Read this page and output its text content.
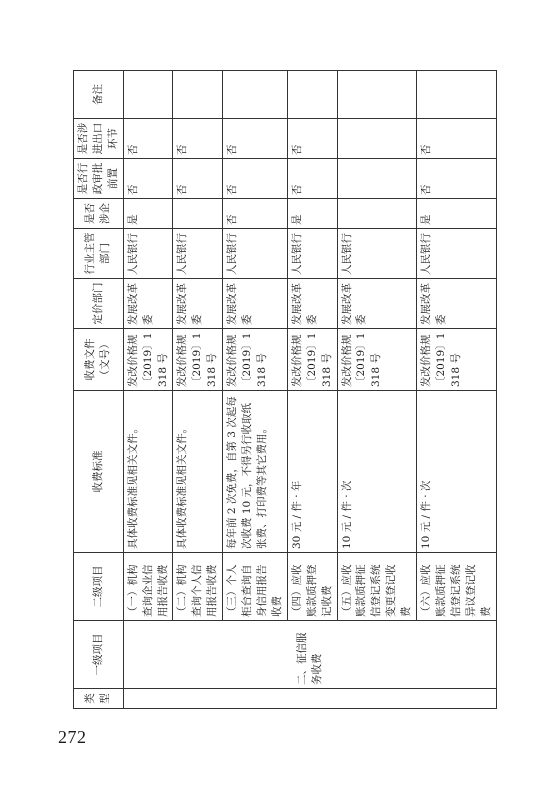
272
类型	一级项目	二级项目	收费标准	收费文件（文号）	定价部门	行业主管部门	是否涉企	是否行政审批前置	是否涉进出口环节	备注
	二、征信服务收费	（一）机构查询企业信用报告收费	具体收费标准见相关文件。	发改价格规〔2019〕1318 号	发展改革委	人民银行	是	否	否	
		（二）机构查询个人信用报告收费	具体收费标准见相关文件。	发改价格规〔2019〕1318 号	发展改革委	人民银行		否	否	
		（三）个人柜台查询自身信用报告收费	每年前 2 次免费，自第 3 次起每次收费 10 元，不得另行收取纸张费、打印费等其它费用。	发改价格规〔2019〕1318 号	发展改革委	人民银行	否	否	否	
		（四）应收账款质押登记收费	30 元 / 件 · 年	发改价格规〔2019〕1318 号	发展改革委	人民银行	是	否	否	
		（五）应收账款质押征信登记系统变更登记收费	10 元 / 件 · 次	发改价格规〔2019〕1318 号	发展改革委	人民银行				
		（六）应收账款质押征信登记系统异议登记收费	10 元 / 件 · 次	发改价格规〔2019〕1318 号	发展改革委	人民银行	是	否	否	
